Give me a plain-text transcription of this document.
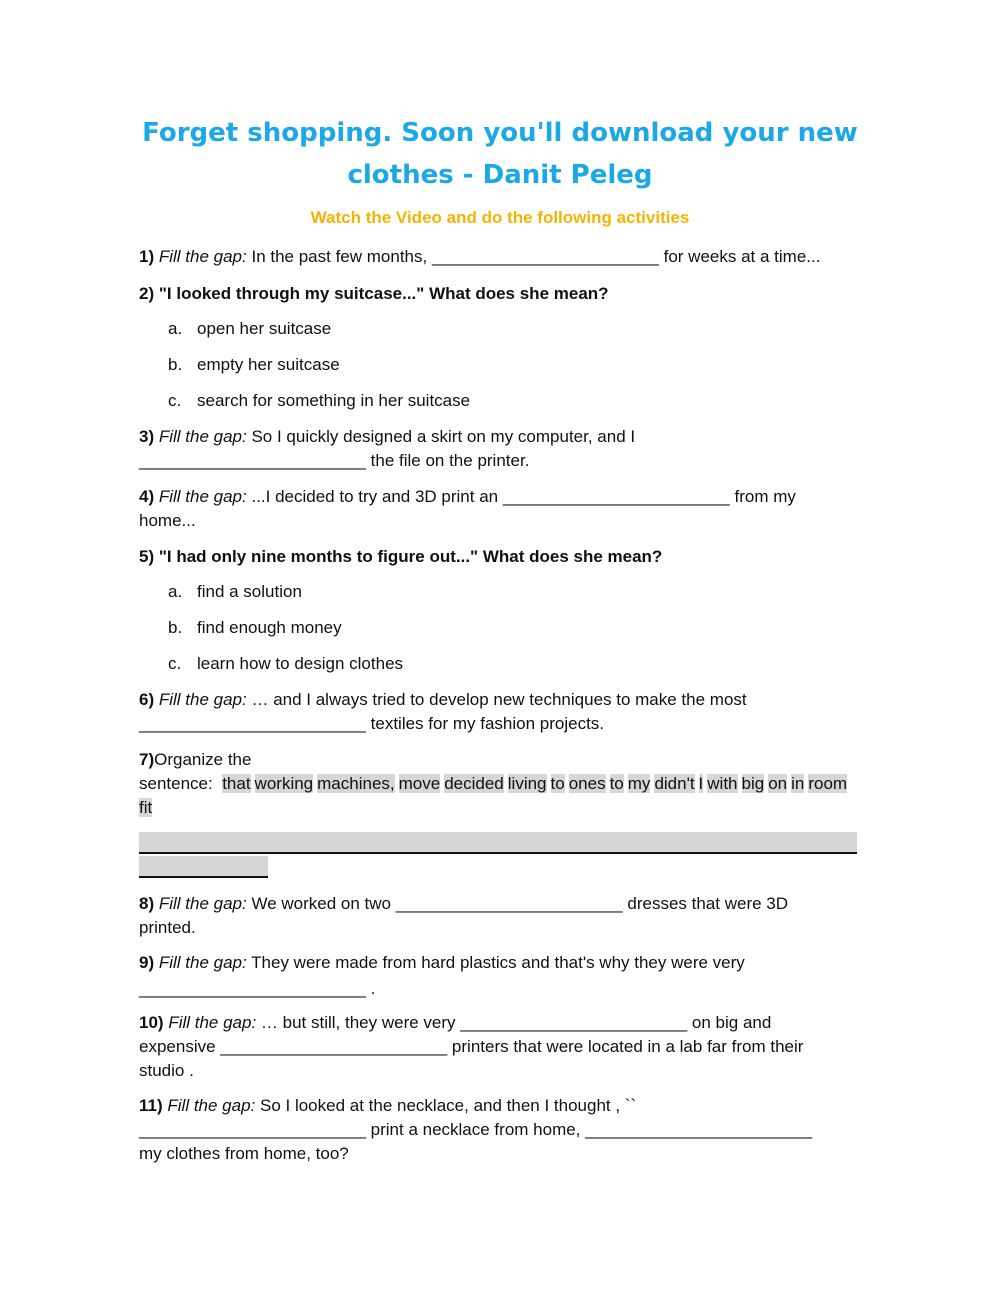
Forget shopping. Soon you'll download your new clothes - Danit Peleg
Watch the Video and do the following activities
1) Fill the gap: In the past few months, ________________________ for weeks at a time...
2) "I looked through my suitcase..." What does she mean?
a. open her suitcase
b. empty her suitcase
c. search for something in her suitcase
3) Fill the gap: So I quickly designed a skirt on my computer, and I
________________________ the file on the printer.
4) Fill the gap: ...I decided to try and 3D print an ________________________ from my
home...
5) "I had only nine months to figure out..." What does she mean?
a. find a solution
b. find enough money
c. learn how to design clothes
6) Fill the gap: … and I always tried to develop new techniques to make the most
________________________ textiles for my fashion projects.
7)Organize the
sentence: that working machines, move decided living to ones to my didn't I with big on in roomfit
8) Fill the gap: We worked on two ________________________ dresses that were 3D
printed.
9) Fill the gap: They were made from hard plastics and that's why they were very

________________________ .
10) Fill the gap: … but still, they were very ________________________ on big and
expensive ________________________ printers that were located in a lab far from their
studio .
11) Fill the gap: So I looked at the necklace, and then I thought , ``
________________________ print a necklace from home, ________________________
my clothes from home, too?
